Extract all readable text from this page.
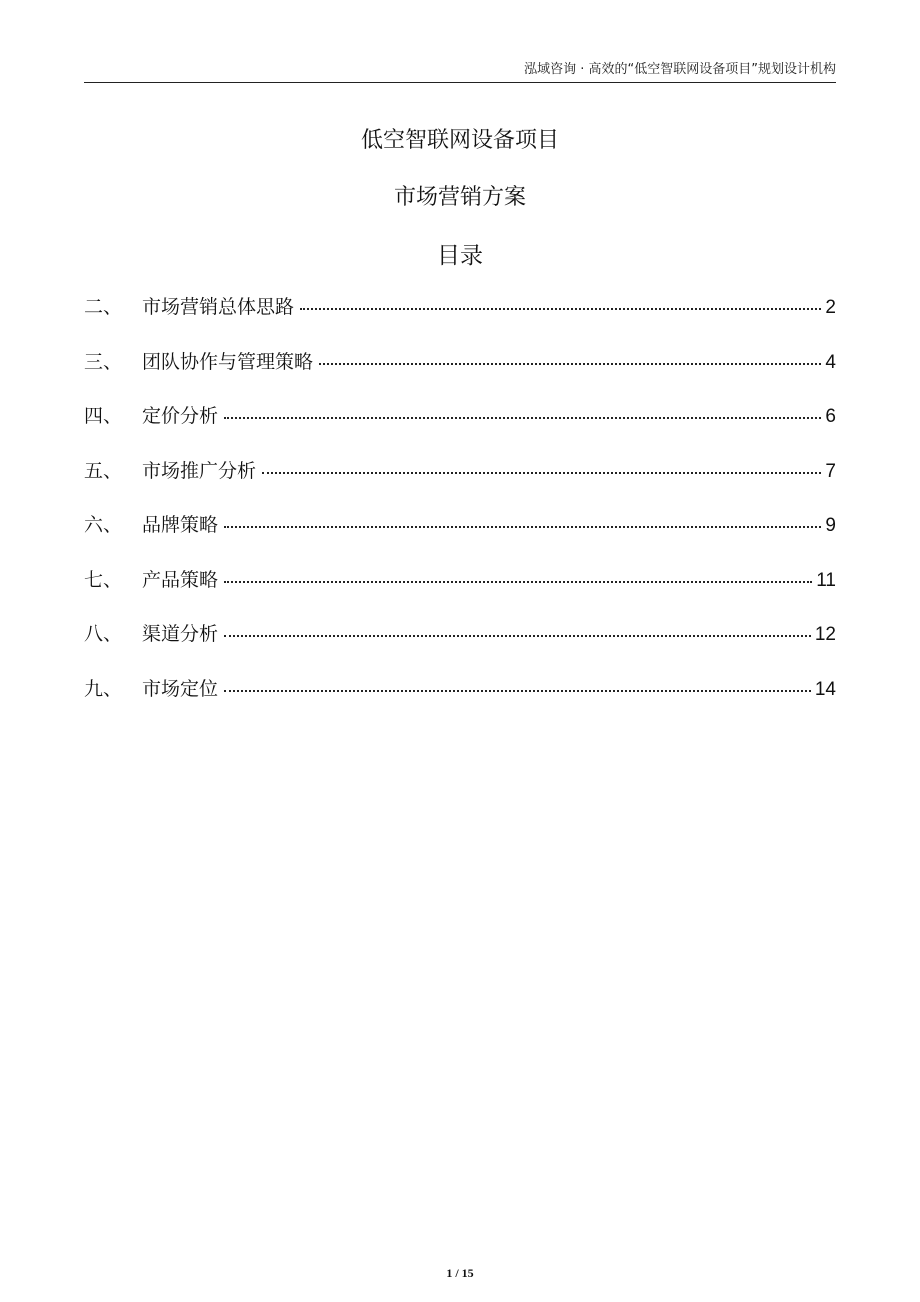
泓域咨询 · 高效的“低空智联网设备项目”规划设计机构
低空智联网设备项目
市场营销方案
目录
二、	市场营销总体思路	2
三、	团队协作与管理策略	4
四、	定价分析	6
五、	市场推广分析	7
六、	品牌策略	9
七、	产品策略	11
八、	渠道分析	12
九、	市场定位	14
1 / 15
